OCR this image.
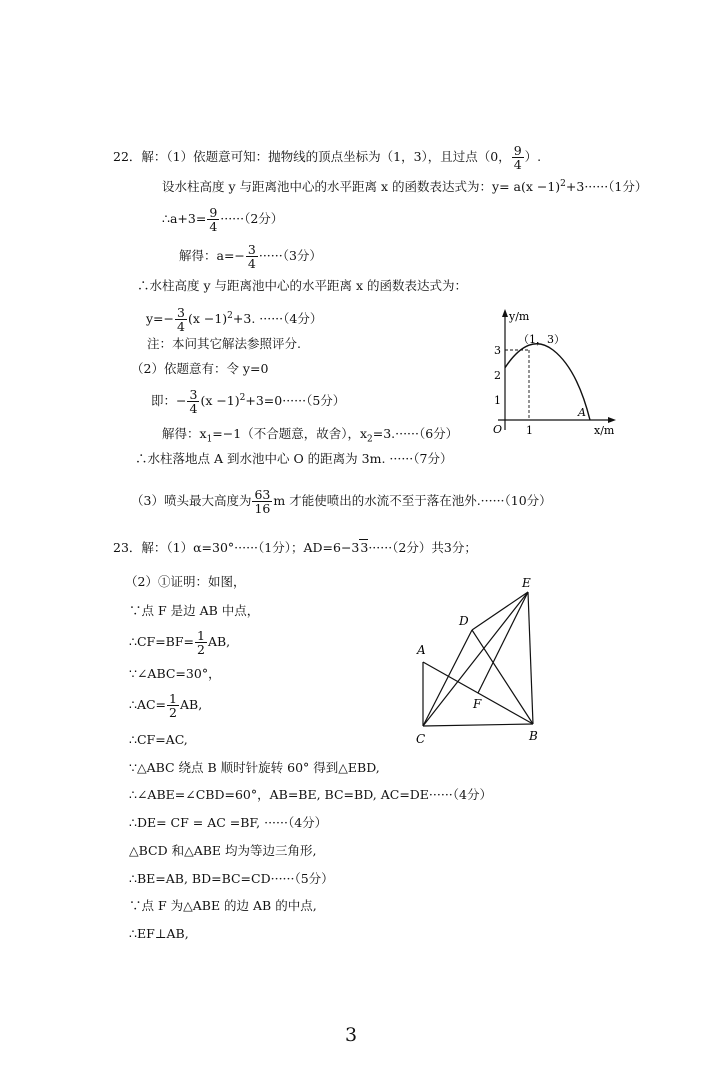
22．解：（1）依题意可知：抛物线的顶点坐标为（1，3），且过点（0， $\frac{9}{4}$ ）.
设水柱高度 y 与距离池中心的水平距离 x 的函数表达式为：$y= a(x -1)^2+3\cdot\cdot\cdot\cdot\cdot\cdot(1$分）
∴a+3= $\frac{9}{4} \cdot\cdot\cdot\cdot\cdot\cdot(2$分）
解得：$a=- \frac{3}{4} \cdot\cdot\cdot\cdot\cdot\cdot(3$分）
∴水柱高度 y 与距离池中心的水平距离 x 的函数表达式为：
$y=- \frac{3}{4} (x -1)^2+3$. ······（4分）
注：本问其它解法参照评分.
（2）依题意有：令 y=0
即：− $\frac{3}{4} (x -1)^2+3=0\cdot\cdot\cdot\cdot\cdot\cdot(5$分）
解得：$x_1=-1$（不合题意，故舍），$x_2=3.\cdot\cdot\cdot\cdot\cdot\cdot(6$分）
∴水柱落地点 A 到水池中心 O 的距离为 3m. ······（7分）
（3）喷头最大高度为 $\frac{63}{16}$ m 才能使喷出的水流不至于落在池外.······（10分）
y/m
x/m
O
（1，3）
3
2
1
1
A
23．解：（1）α=30°······（1分）；AD=6−33······（2分）共3分；
（2）①证明：如图，
∵点 F 是边 AB 中点，
∴CF=BF= $\frac{1}{2}$ AB,
∵∠ABC=30°，
∴AC= $\frac{1}{2}$ AB,
∴CF=AC,
∵△ABC 绕点 B 顺时针旋转 60° 得到△EBD,
∴∠ABE=∠CBD=60°，AB=BE, BC=BD, AC=DE······（4分）
∴DE= CF = AC =BF, ······（4分）
△BCD 和△ABE 均为等边三角形,
∴BE=AB, BD=BC=CD······（5分）
∵点 F 为△ABE 的边 AB 的中点,
∴EF⊥AB,
A
B
C
D
E
F
3
